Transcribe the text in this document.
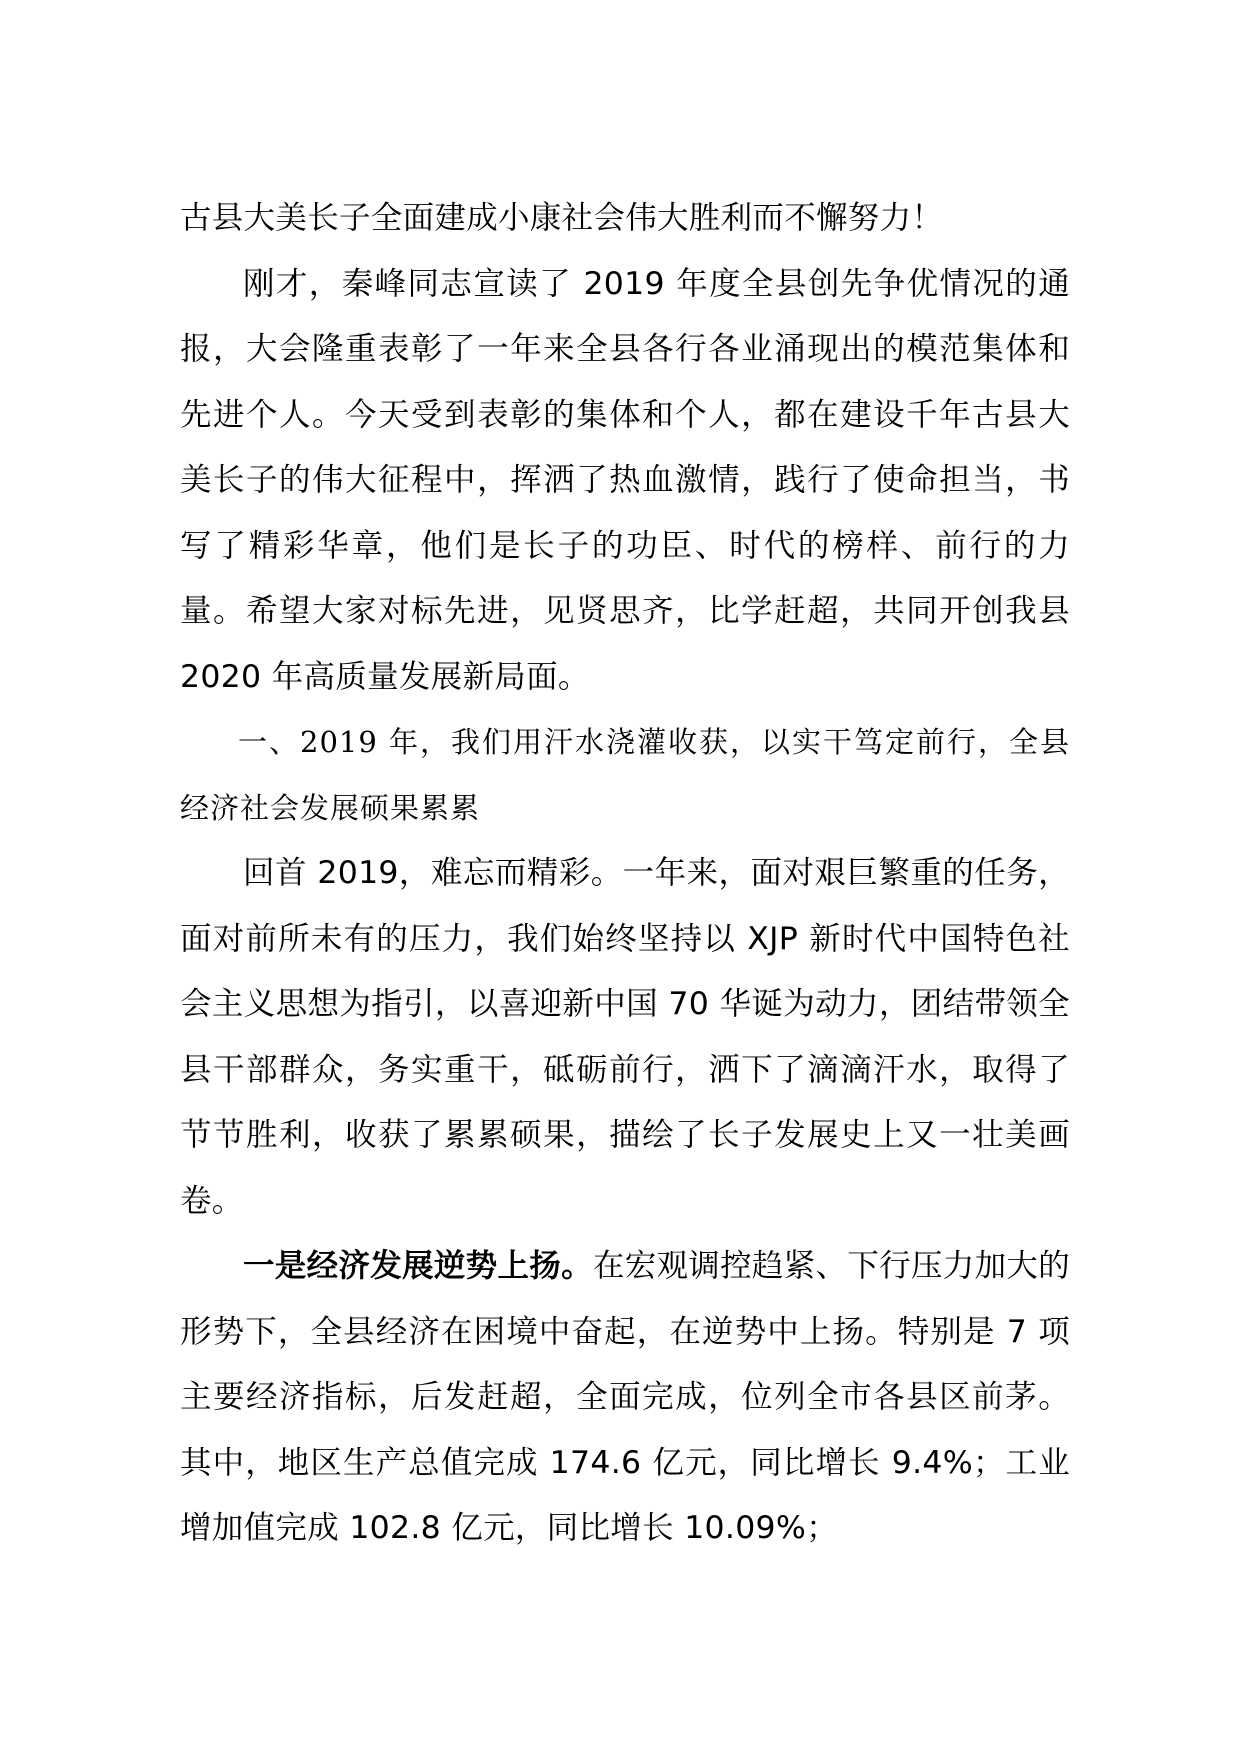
古县大美长子全面建成小康社会伟大胜利而不懈努力！

刚才，秦峰同志宣读了 2019 年度全县创先争优情况的通报，大会隆重表彰了一年来全县各行各业涌现出的模范集体和先进个人。今天受到表彰的集体和个人，都在建设千年古县大美长子的伟大征程中，挥洒了热血激情，践行了使命担当，书写了精彩华章，他们是长子的功臣、时代的榜样、前行的力量。希望大家对标先进，见贤思齐，比学赶超，共同开创我县 2020 年高质量发展新局面。

一、2019 年，我们用汗水浇灌收获，以实干笃定前行，全县经济社会发展硕果累累

回首 2019，难忘而精彩。一年来，面对艰巨繁重的任务，面对前所未有的压力，我们始终坚持以 XJP 新时代中国特色社会主义思想为指引，以喜迎新中国 70 华诞为动力，团结带领全县干部群众，务实重干，砥砺前行，洒下了滴滴汗水，取得了节节胜利，收获了累累硕果，描绘了长子发展史上又一壮美画卷。

一是经济发展逆势上扬。在宏观调控趋紧、下行压力加大的形势下，全县经济在困境中奋起，在逆势中上扬。特别是 7 项主要经济指标，后发赶超，全面完成，位列全市各县区前茅。其中，地区生产总值完成 174.6 亿元，同比增长 9.4%；工业增加值完成 102.8 亿元，同比增长 10.09%；
